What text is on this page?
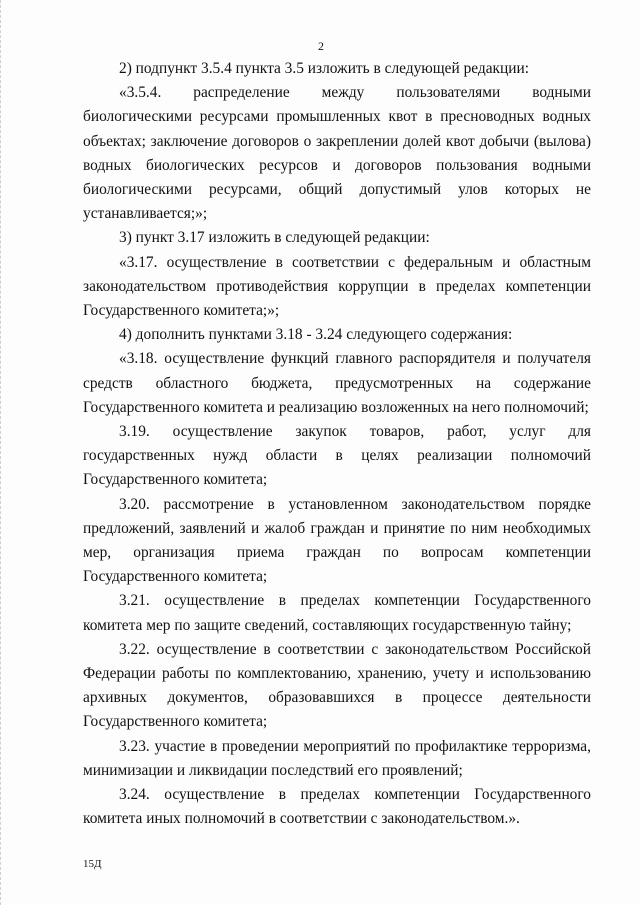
2

2) подпункт 3.5.4 пункта 3.5 изложить в следующей редакции:

«3.5.4. распределение между пользователями водными биологическими ресурсами промышленных квот в пресноводных водных объектах; заключение договоров о закреплении долей квот добычи (вылова) водных биологических ресурсов и договоров пользования водными биологическими ресурсами, общий допустимый улов которых не устанавливается;»;

3) пункт 3.17 изложить в следующей редакции:

«3.17. осуществление в соответствии с федеральным и областным законодательством противодействия коррупции в пределах компетенции Государственного комитета;»;

4) дополнить пунктами 3.18 - 3.24 следующего содержания:

«3.18. осуществление функций главного распорядителя и получателя средств областного бюджета, предусмотренных на содержание Государственного комитета и реализацию возложенных на него полномочий;

3.19. осуществление закупок товаров, работ, услуг для государственных нужд области в целях реализации полномочий Государственного комитета;

3.20. рассмотрение в установленном законодательством порядке предложений, заявлений и жалоб граждан и принятие по ним необходимых мер, организация приема граждан по вопросам компетенции Государственного комитета;

3.21. осуществление в пределах компетенции Государственного комитета мер по защите сведений, составляющих государственную тайну;

3.22. осуществление в соответствии с законодательством Российской Федерации работы по комплектованию, хранению, учету и использованию архивных документов, образовавшихся в процессе деятельности Государственного комитета;

3.23. участие в проведении мероприятий по профилактике терроризма, минимизации и ликвидации последствий его проявлений;

3.24. осуществление в пределах компетенции Государственного комитета иных полномочий в соответствии с законодательством.».

15Д
